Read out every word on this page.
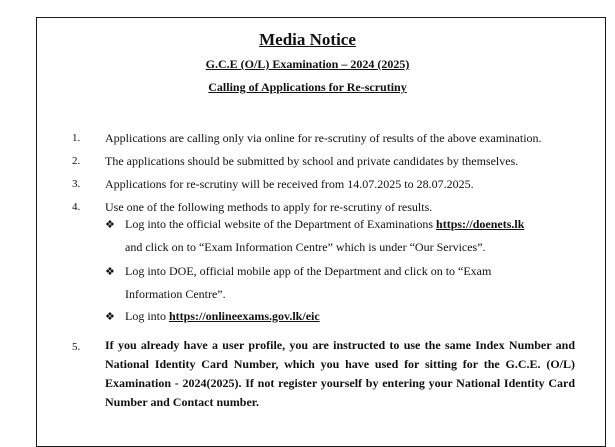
Media Notice
G.C.E (O/L) Examination – 2024 (2025)
Calling of Applications for Re-scrutiny
1. Applications are calling only via online for re-scrutiny of results of the above examination.
2. The applications should be submitted by school and private candidates by themselves.
3. Applications for re-scrutiny will be received from 14.07.2025 to 28.07.2025.
4. Use one of the following methods to apply for re-scrutiny of results.
❖ Log into the official website of the Department of Examinations https://doenets.lk
and click on to “Exam Information Centre” which is under “Our Services”.
❖ Log into DOE, official mobile app of the Department and click on to “Exam
Information Centre”.
❖ Log into https://onlineexams.gov.lk/eic
5. If you already have a user profile, you are instructed to use the same Index Number and National Identity Card Number, which you have used for sitting for the G.C.E. (O/L) Examination - 2024(2025). If not register yourself by entering your National Identity Card Number and Contact number.
